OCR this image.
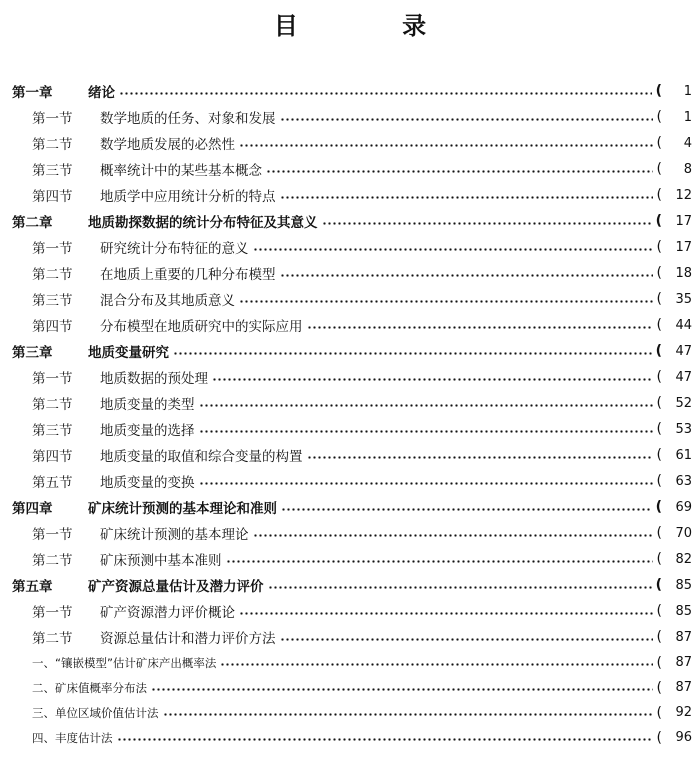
目 录
第一章	绪论	(	1
第一节	数学地质的任务、对象和发展	(	1
第二节	数学地质发展的必然性	(	4
第三节	概率统计中的某些基本概念	(	8
第四节	地质学中应用统计分析的特点	(	12
第二章	地质勘探数据的统计分布特征及其意义	(	17
第一节	研究统计分布特征的意义	(	17
第二节	在地质上重要的几种分布模型	(	18
第三节	混合分布及其地质意义	(	35
第四节	分布模型在地质研究中的实际应用	(	44
第三章	地质变量研究	(	47
第一节	地质数据的预处理	(	47
第二节	地质变量的类型	(	52
第三节	地质变量的选择	(	53
第四节	地质变量的取值和综合变量的构置	(	61
第五节	地质变量的变换	(	63
第四章	矿床统计预测的基本理论和准则	(	69
第一节	矿床统计预测的基本理论	(	70
第二节	矿床预测中基本准则	(	82
第五章	矿产资源总量估计及潜力评价	(	85
第一节	矿产资源潜力评价概论	(	85
第二节	资源总量估计和潜力评价方法	(	87
一、 “镶嵌模型”估计矿床产出概率法	(	87
二、 矿床值概率分布法	(	87
三、 单位区域价值估计法	(	92
四、 丰度估计法	(	96
